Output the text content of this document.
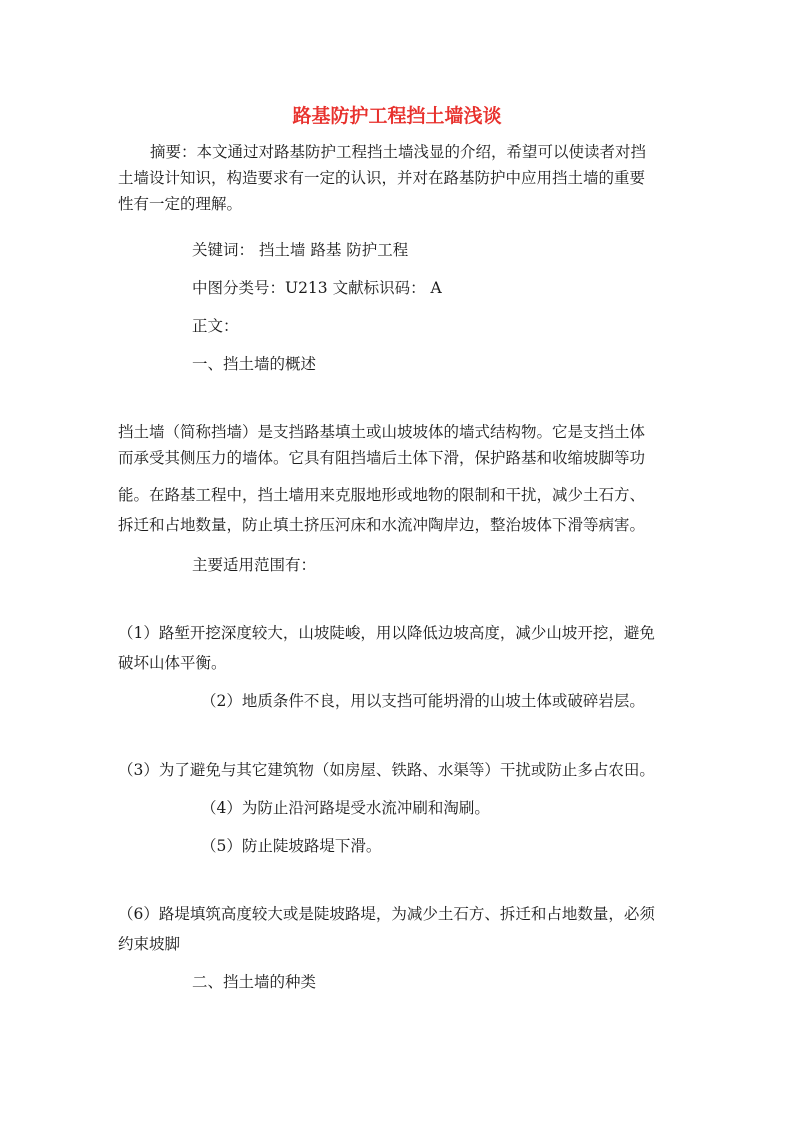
路基防护工程挡土墙浅谈
摘要：本文通过对路基防护工程挡土墙浅显的介绍，希望可以使读者对挡
土墙设计知识，构造要求有一定的认识，并对在路基防护中应用挡土墙的重要
性有一定的理解。
关键词： 挡土墙 路基 防护工程
中图分类号：U213 文献标识码： A
正文：
一、挡土墙的概述
挡土墙（简称挡墙）是支挡路基填土或山坡坡体的墙式结构物。它是支挡土体
而承受其侧压力的墙体。它具有阻挡墙后土体下滑，保护路基和收缩坡脚等功
能。在路基工程中，挡土墙用来克服地形或地物的限制和干扰，减少土石方、
拆迁和占地数量，防止填土挤压河床和水流冲陶岸边，整治坡体下滑等病害。
主要适用范围有：
（1）路堑开挖深度较大，山坡陡峻，用以降低边坡高度，减少山坡开挖，避免
破坏山体平衡。
（2）地质条件不良，用以支挡可能坍滑的山坡土体或破碎岩层。
（3）为了避免与其它建筑物（如房屋、铁路、水渠等）干扰或防止多占农田。
（4）为防止沿河路堤受水流冲刷和淘刷。
（5）防止陡坡路堤下滑。
（6）路堤填筑高度较大或是陡坡路堤，为减少土石方、拆迁和占地数量，必须
约束坡脚
二、挡土墙的种类
